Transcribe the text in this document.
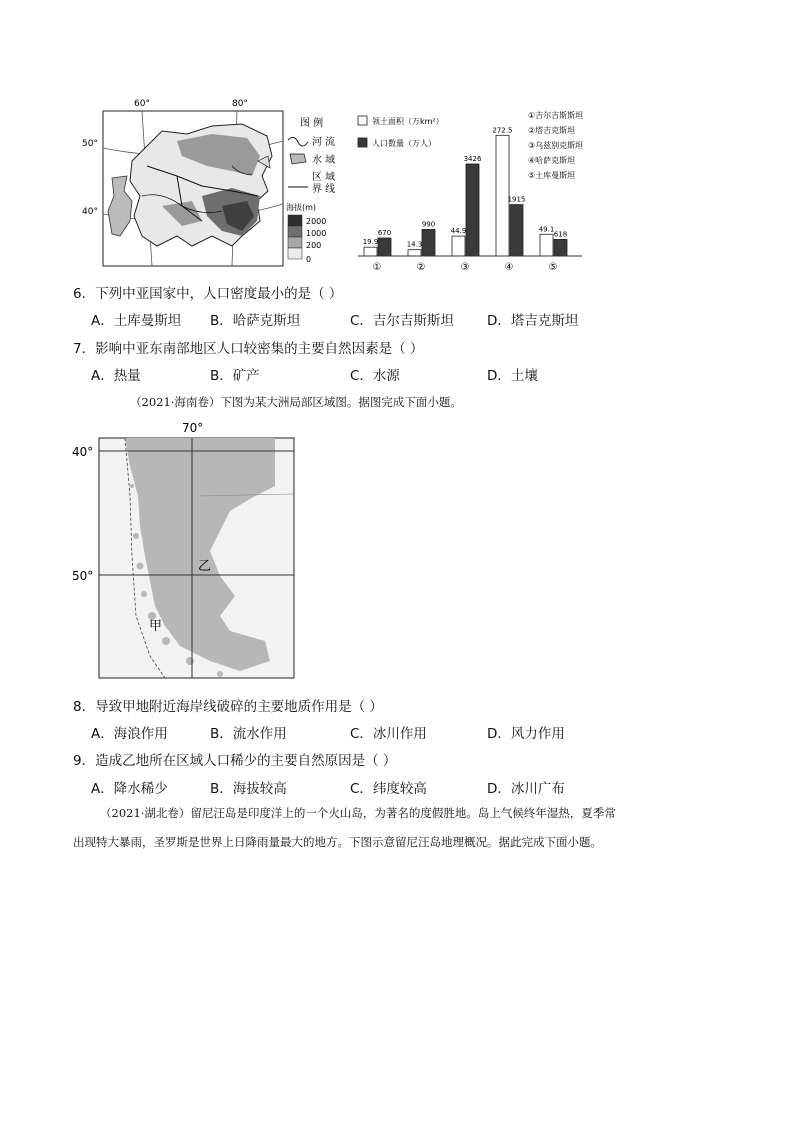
60°	80°
50°
40°
图 例
河 流
水 域
区 域
界 线
海拔(m)
2000
1000
200
0
领土面积（万km²）
人口数量（万人）
①吉尔吉斯斯坦
②塔吉克斯坦
③乌兹别克斯坦
④哈萨克斯坦
⑤土库曼斯坦
19.9
670
①
14.3
990
②
44.9
3426
③
272.5
1915
④
49.1
618
⑤
6．下列中亚国家中，人口密度最小的是（ ）
A．土库曼斯坦 B．哈萨克斯坦	C．吉尔吉斯斯坦 D．塔吉克斯坦
7．影响中亚东南部地区人口较密集的主要自然因素是（ ）
A．热量	B．矿产	C．水源	D．土壤
（2021·海南卷）下图为某大洲局部区域图。据图完成下面小题。
70°
40°
50°
乙
甲
8．导致甲地附近海岸线破碎的主要地质作用是（ ）
A．海浪作用	B．流水作用	C．冰川作用	D．风力作用
9．造成乙地所在区域人口稀少的主要自然原因是（ ）
A．降水稀少	B．海拔较高	C．纬度较高	D．冰川广布
（2021·湖北卷）留尼汪岛是印度洋上的一个火山岛，为著名的度假胜地。岛上气候终年湿热，夏季常
出现特大暴雨，圣罗斯是世界上日降雨量最大的地方。下图示意留尼汪岛地理概况。据此完成下面小题。
